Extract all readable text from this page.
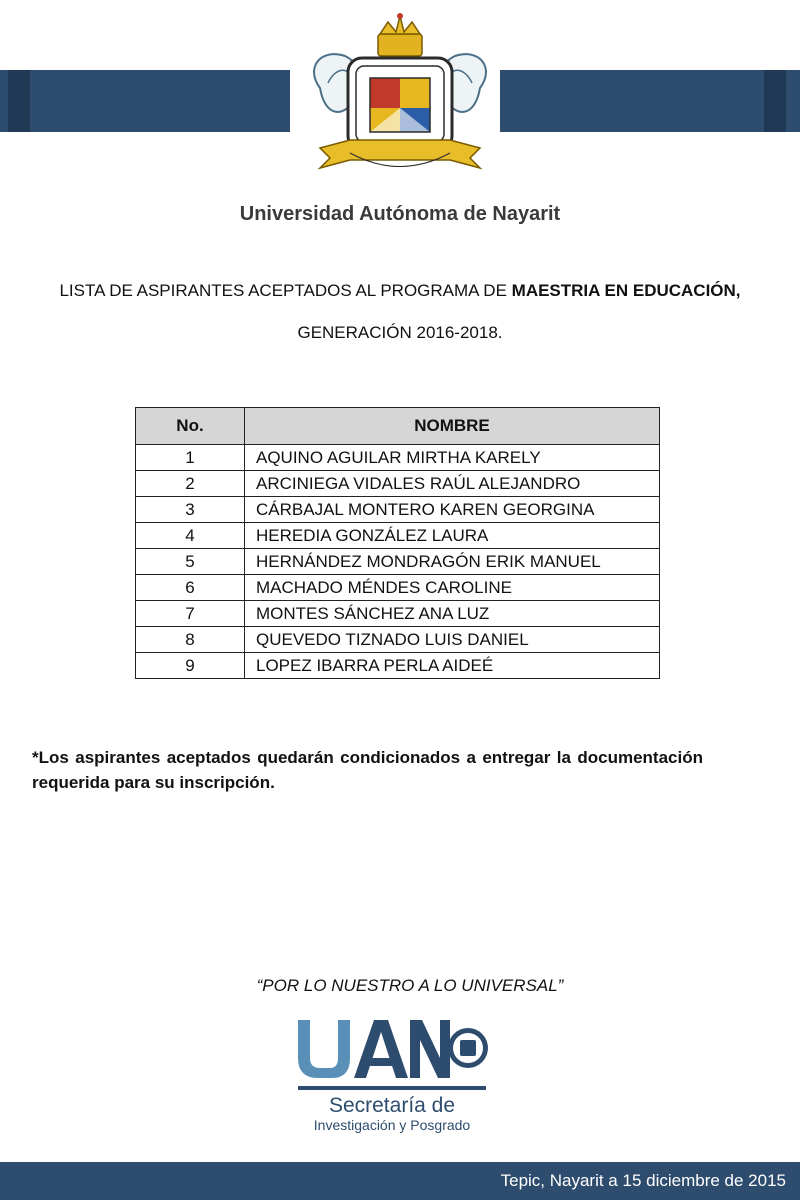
Universidad Autónoma de Nayarit
LISTA DE ASPIRANTES ACEPTADOS AL PROGRAMA DE MAESTRIA EN EDUCACIÓN,
GENERACIÓN 2016-2018.
No.	NOMBRE
1	AQUINO AGUILAR MIRTHA KARELY
2	ARCINIEGA VIDALES RAÚL ALEJANDRO
3	CÁRBAJAL MONTERO KAREN GEORGINA
4	HEREDIA GONZÁLEZ LAURA
5	HERNÁNDEZ MONDRAGÓN ERIK MANUEL
6	MACHADO MÉNDES CAROLINE
7	MONTES SÁNCHEZ ANA LUZ
8	QUEVEDO TIZNADO LUIS DANIEL
9	LOPEZ IBARRA PERLA AIDEÉ
*Los aspirantes aceptados quedarán condicionados a entregar la documentación requerida para su inscripción.
“POR LO NUESTRO A LO UNIVERSAL”
Secretaría de
Investigación y Posgrado
Tepic, Nayarit a 15 diciembre de 2015
